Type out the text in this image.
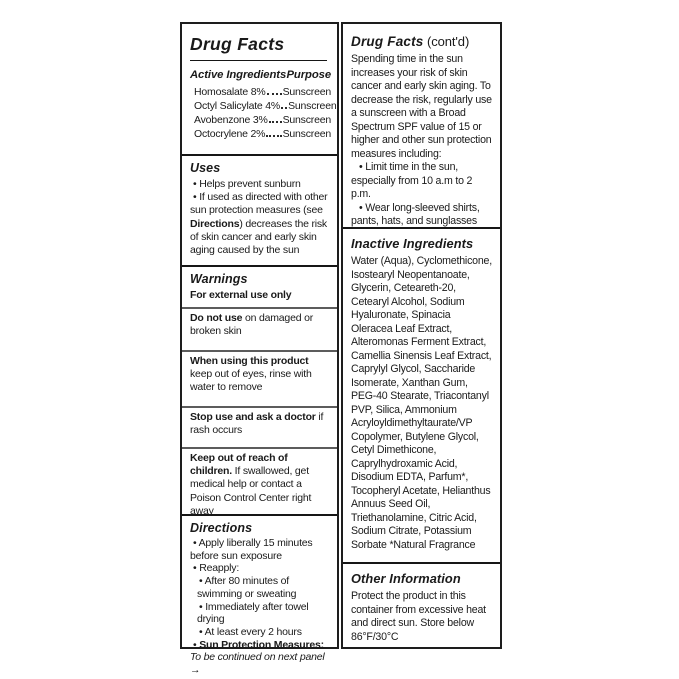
Drug Facts
Active Ingredients Purpose
Homosalate 8% Sunscreen
Octyl Salicylate 4% Sunscreen
Avobenzone 3% Sunscreen
Octocrylene 2% Sunscreen
Uses

• Helps prevent sunburn

• If used as directed with other sun protection measures (see Directions) decreases the risk of skin cancer and early skin aging caused by the sun

Warnings

For external use only

Do not use on damaged or broken skin

When using this product keep out of eyes, rinse with water to remove

Stop use and ask a doctor if rash occurs

Keep out of reach of children. If swallowed, get medical help or contact a Poison Control Center right away

Directions

• Apply liberally 15 minutes before sun exposure

• Reapply:

• After 80 minutes of swimming or sweating

• Immediately after towel drying

• At least every 2 hours

• Sun Protection Measures:

To be continued on next panel →

Drug Facts (cont'd)

Spending time in the sun increases your risk of skin cancer and early skin aging. To decrease the risk, regularly use a sunscreen with a Broad Spectrum SPF value of 15 or higher and other sun protection measures including:

• Limit time in the sun, especially from 10 a.m to 2 p.m.

• Wear long-sleeved shirts, pants, hats, and sunglasses

Inactive Ingredients

Water (Aqua), Cyclomethicone, Isostearyl Neopentanoate, Glycerin, Ceteareth-20, Cetearyl Alcohol, Sodium Hyaluronate, Spinacia Oleracea Leaf Extract, Alteromonas Ferment Extract, Camellia Sinensis Leaf Extract, Caprylyl Glycol, Saccharide Isomerate, Xanthan Gum, PEG-40 Stearate, Triacontanyl PVP, Silica, Ammonium Acryloyldimethyltaurate/VP Copolymer, Butylene Glycol, Cetyl Dimethicone, Caprylhydroxamic Acid, Disodium EDTA, Parfum*, Tocopheryl Acetate, Helianthus Annuus Seed Oil, Triethanolamine, Citric Acid, Sodium Citrate, Potassium Sorbate *Natural Fragrance

Other Information

Protect the product in this container from excessive heat and direct sun. Store below 86°F/30°C
